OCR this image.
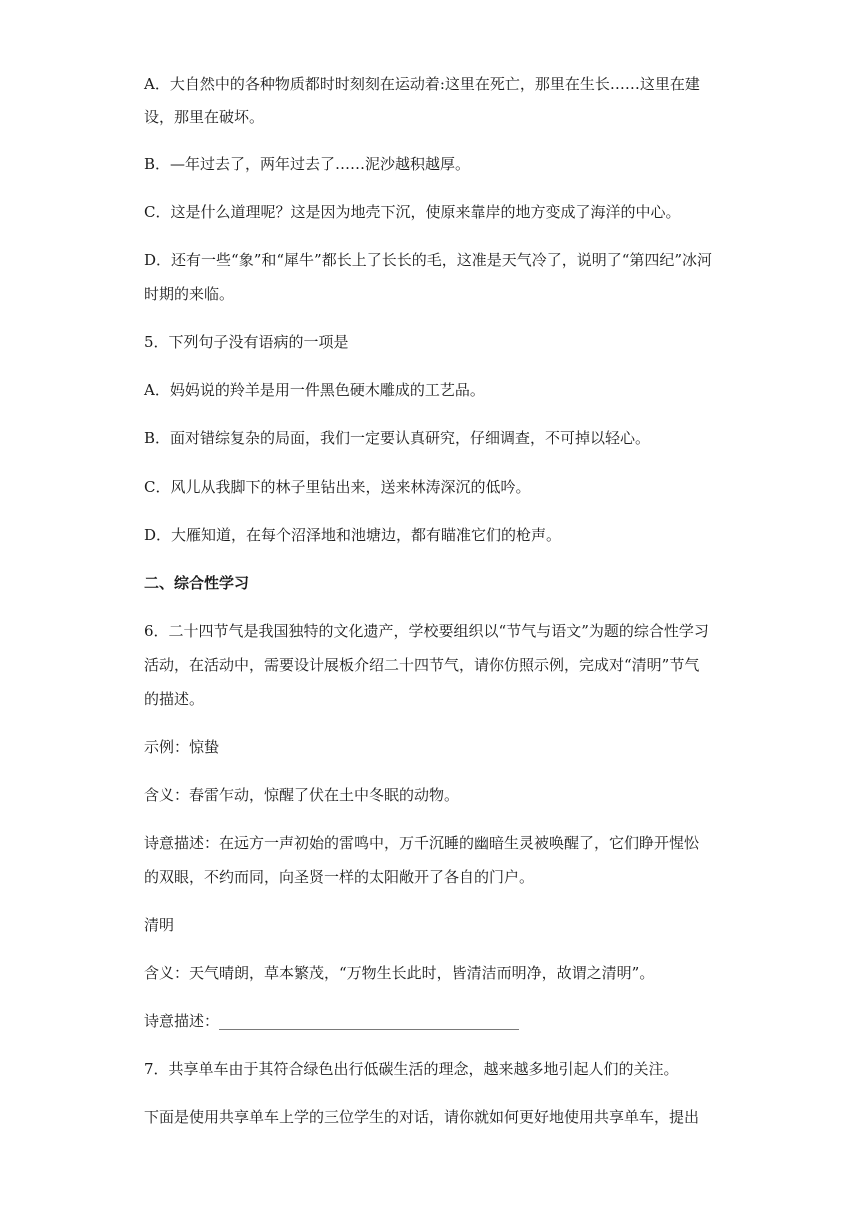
A．大自然中的各种物质都时时刻刻在运动着:这里在死亡，那里在生长……这里在建
设，那里在破坏。
B．—年过去了，两年过去了……泥沙越积越厚。
C．这是什么道理呢？这是因为地壳下沉，使原来靠岸的地方变成了海洋的中心。
D．还有一些“象”和“犀牛”都长上了长长的毛，这准是天气冷了，说明了“第四纪”冰河
时期的来临。
5．下列句子没有语病的一项是
A．妈妈说的羚羊是用一件黑色硬木雕成的工艺品。
B．面对错综复杂的局面，我们一定要认真研究，仔细调查，不可掉以轻心。
C．风儿从我脚下的林子里钻出来，送来林涛深沉的低吟。
D．大雁知道，在每个沼泽地和池塘边，都有瞄准它们的枪声。
二、综合性学习
6．二十四节气是我国独特的文化遗产，学校要组织以“节气与语文”为题的综合性学习
活动，在活动中，需要设计展板介绍二十四节气，请你仿照示例，完成对“清明”节气
的描述。
示例：惊蛰
含义：春雷乍动，惊醒了伏在土中冬眠的动物。
诗意描述：在远方一声初始的雷鸣中，万千沉睡的幽暗生灵被唤醒了，它们睁开惺忪
的双眼，不约而同，向圣贤一样的太阳敞开了各自的门户。
清明
含义：天气晴朗，草本繁茂，“万物生长此时，皆清洁而明净，故谓之清明”。
诗意描述：________________________________________
7．共享单车由于其符合绿色出行低碳生活的理念，越来越多地引起人们的关注。
下面是使用共享单车上学的三位学生的对话，请你就如何更好地使用共享单车，提出
